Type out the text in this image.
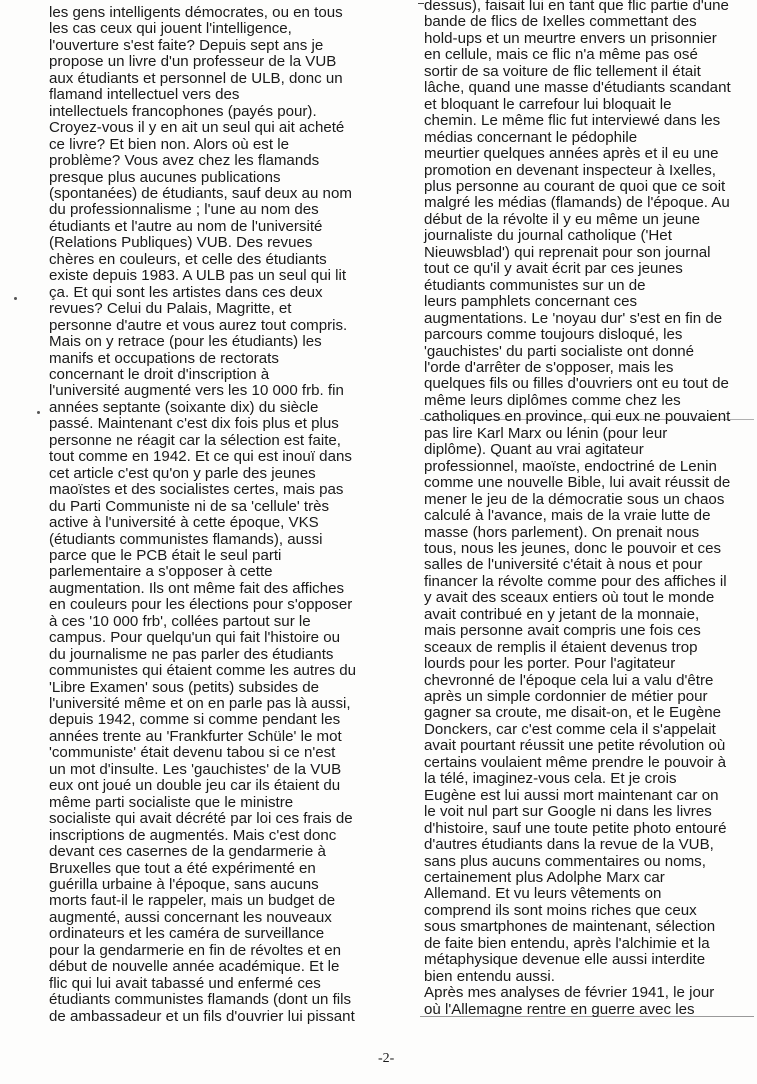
les gens intelligents démocrates, ou en tous
les cas ceux qui jouent l'intelligence,
l'ouverture s'est faite? Depuis sept ans je
propose un livre d'un professeur de la VUB
aux étudiants et personnel de ULB, donc un
flamand intellectuel vers des
intellectuels francophones (payés pour).
Croyez-vous il y en ait un seul qui ait acheté
ce livre? Et bien non. Alors où est le
problème? Vous avez chez les flamands
presque plus aucunes publications
(spontanées) de étudiants, sauf deux au nom
du professionnalisme ; l'une au nom des
étudiants et l'autre au nom de l'université
(Relations Publiques) VUB. Des revues
chères en couleurs, et celle des étudiants
existe depuis 1983. A ULB pas un seul qui lit
ça. Et qui sont les artistes dans ces deux
revues? Celui du Palais, Magritte, et
personne d'autre et vous aurez tout compris.
Mais on y retrace (pour les étudiants) les
manifs et occupations de rectorats
concernant le droit d'inscription à
l'université augmenté vers les 10 000 frb. fin
années septante (soixante dix) du siècle
passé. Maintenant c'est dix fois plus et plus
personne ne réagit car la sélection est faite,
tout comme en 1942. Et ce qui est inouï dans
cet article c'est qu'on y parle des jeunes
maoïstes et des socialistes certes, mais pas
du Parti Communiste ni de sa 'cellule' très
active à l'université à cette époque, VKS
(étudiants communistes flamands), aussi
parce que le PCB était le seul parti
parlementaire a s'opposer à cette
augmentation. Ils ont même fait des affiches
en couleurs pour les élections pour s'opposer
à ces '10 000 frb', collées partout sur le
campus. Pour quelqu'un qui fait l'histoire ou
du journalisme ne pas parler des étudiants
communistes qui étaient comme les autres du
'Libre Examen' sous (petits) subsides de
l'université même et on en parle pas là aussi,
depuis 1942, comme si comme pendant les
années trente au 'Frankfurter Schüle' le mot
'communiste' était devenu tabou si ce n'est
un mot d'insulte. Les 'gauchistes' de la VUB
eux ont joué un double jeu car ils étaient du
même parti socialiste que le ministre
socialiste qui avait décrété par loi ces frais de
inscriptions de augmentés. Mais c'est donc
devant ces casernes de la gendarmerie à
Bruxelles que tout a été expérimenté en
guérilla urbaine à l'époque, sans aucuns
morts faut-il le rappeler, mais un budget de
augmenté, aussi concernant les nouveaux
ordinateurs et les caméra de surveillance
pour la gendarmerie en fin de révoltes et en
début de nouvelle année académique. Et le
flic qui lui avait tabassé und enfermé ces
étudiants communistes flamands (dont un fils
de ambassadeur et un fils d'ouvrier lui pissant
dessus), faisait lui en tant que flic partie d'une
bande de flics de Ixelles commettant des
hold-ups et un meurtre envers un prisonnier
en cellule, mais ce flic n'a même pas osé
sortir de sa voiture de flic tellement il était
lâche, quand une masse d'étudiants scandant
et bloquant le carrefour lui bloquait le
chemin. Le même flic fut interviewé dans les
médias concernant le pédophile
meurtier quelques années après et il eu une
promotion en devenant inspecteur à Ixelles,
plus personne au courant de quoi que ce soit
malgré les médias (flamands) de l'époque. Au
début de la révolte il y eu même un jeune
journaliste du journal catholique ('Het
Nieuwsblad') qui reprenait pour son journal
tout ce qu'il y avait écrit par ces jeunes
étudiants communistes sur un de
leurs pamphlets concernant ces
augmentations. Le 'noyau dur' s'est en fin de
parcours comme toujours disloqué, les
'gauchistes' du parti socialiste ont donné
l'orde d'arrêter de s'opposer, mais les
quelques fils ou filles d'ouvriers ont eu tout de
même leurs diplômes comme chez les
catholiques en province, qui eux ne pouvaient
pas lire Karl Marx ou lénin (pour leur
diplôme). Quant au vrai agitateur
professionnel, maoïste, endoctriné de Lenin
comme une nouvelle Bible, lui avait réussit de
mener le jeu de la démocratie sous un chaos
calculé à l'avance, mais de la vraie lutte de
masse (hors parlement). On prenait nous
tous, nous les jeunes, donc le pouvoir et ces
salles de l'université c'était à nous et pour
financer la révolte comme pour des affiches il
y avait des sceaux entiers où tout le monde
avait contribué en y jetant de la monnaie,
mais personne avait compris une fois ces
sceaux de remplis il étaient devenus trop
lourds pour les porter. Pour l'agitateur
chevronné de l'époque cela lui a valu d'être
après un simple cordonnier de métier pour
gagner sa croute, me disait-on, et le Eugène
Donckers, car c'est comme cela il s'appelait
avait pourtant réussit une petite révolution où
certains voulaient même prendre le pouvoir à
la télé, imaginez-vous cela. Et je crois
Eugène est lui aussi mort maintenant car on
le voit nul part sur Google ni dans les livres
d'histoire, sauf une toute petite photo entouré
d'autres étudiants dans la revue de la VUB,
sans plus aucuns commentaires ou noms,
certainement plus Adolphe Marx car
Allemand. Et vu leurs vêtements on
comprend ils sont moins riches que ceux
sous smartphones de maintenant, sélection
de faite bien entendu, après l'alchimie et la
métaphysique devenue elle aussi interdite
bien entendu aussi.
Après mes analyses de février 1941, le jour
où l'Allemagne rentre en guerre avec les
-2-
